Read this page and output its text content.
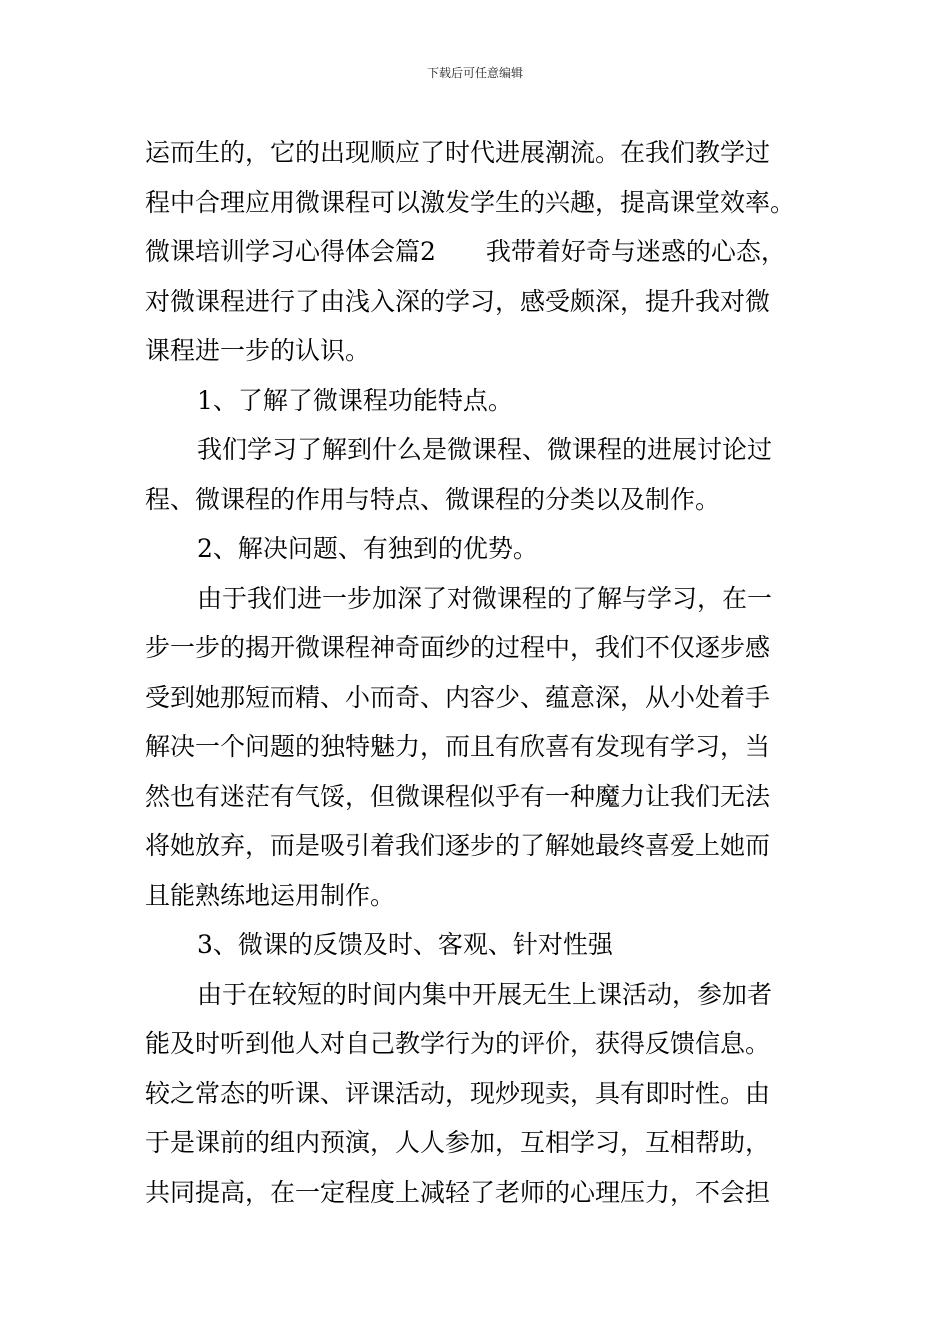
下载后可任意编辑
运而生的，它的出现顺应了时代进展潮流。在我们教学过
程中合理应用微课程可以激发学生的兴趣，提高课堂效率。
微课培训学习心得体会篇2 我带着好奇与迷惑的心态，
对微课程进行了由浅入深的学习，感受颇深，提升我对微
课程进一步的认识。
1、了解了微课程功能特点。
我们学习了解到什么是微课程、微课程的进展讨论过
程、微课程的作用与特点、微课程的分类以及制作。
2、解决问题、有独到的优势。
由于我们进一步加深了对微课程的了解与学习，在一
步一步的揭开微课程神奇面纱的过程中，我们不仅逐步感
受到她那短而精、小而奇、内容少、蕴意深，从小处着手
解决一个问题的独特魅力，而且有欣喜有发现有学习，当
然也有迷茫有气馁，但微课程似乎有一种魔力让我们无法
将她放弃，而是吸引着我们逐步的了解她最终喜爱上她而
且能熟练地运用制作。
3、微课的反馈及时、客观、针对性强
由于在较短的时间内集中开展无生上课活动，参加者
能及时听到他人对自己教学行为的评价，获得反馈信息。
较之常态的听课、评课活动，现炒现卖，具有即时性。由
于是课前的组内预演，人人参加，互相学习，互相帮助，
共同提高，在一定程度上减轻了老师的心理压力，不会担
